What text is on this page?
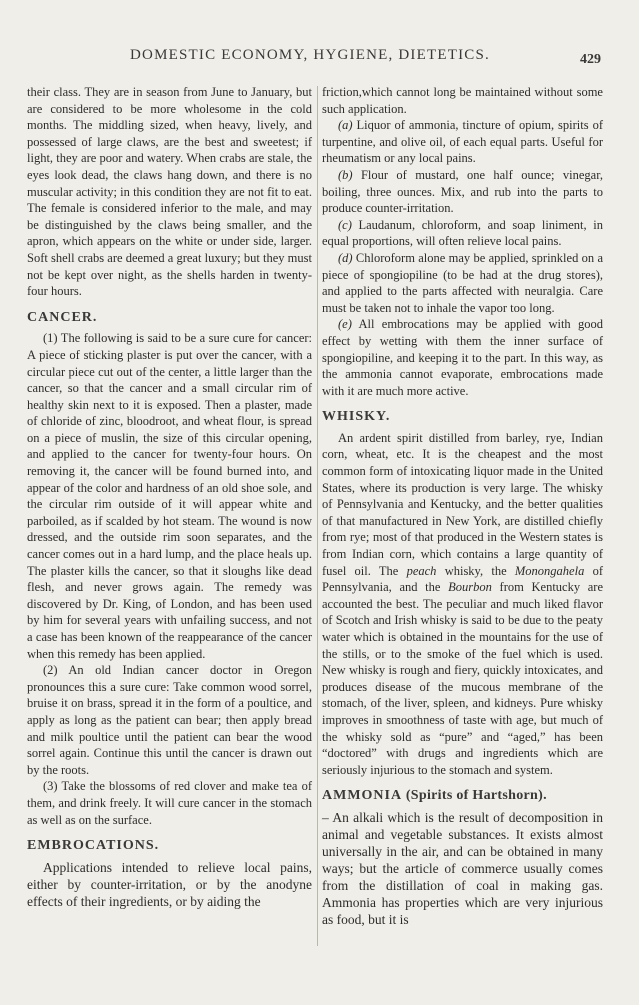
DOMESTIC ECONOMY, HYGIENE, DIETETICS.	429

their class. They are in season from June to January, but are considered to be more wholesome in the cold months. The middling sized, when heavy, lively, and possessed of large claws, are the best and sweetest; if light, they are poor and watery. When crabs are stale, the eyes look dead, the claws hang down, and there is no muscular activity; in this condition they are not fit to eat. The female is considered inferior to the male, and may be distinguished by the claws being smaller, and the apron, which appears on the white or under side, larger. Soft shell crabs are deemed a great luxury; but they must not be kept over night, as the shells harden in twenty-four hours.

CANCER.

(1) The following is said to be a sure cure for cancer: A piece of sticking plaster is put over the cancer, with a circular piece cut out of the center, a little larger than the cancer, so that the cancer and a small circular rim of healthy skin next to it is exposed. Then a plaster, made of chloride of zinc, bloodroot, and wheat flour, is spread on a piece of muslin, the size of this circular opening, and applied to the cancer for twenty-four hours. On removing it, the cancer will be found burned into, and appear of the color and hardness of an old shoe sole, and the circular rim outside of it will appear white and parboiled, as if scalded by hot steam. The wound is now dressed, and the outside rim soon separates, and the cancer comes out in a hard lump, and the place heals up. The plaster kills the cancer, so that it sloughs like dead flesh, and never grows again. The remedy was discovered by Dr. King, of London, and has been used by him for several years with unfailing success, and not a case has been known of the reappearance of the cancer when this remedy has been applied.

(2) An old Indian cancer doctor in Oregon pronounces this a sure cure: Take common wood sorrel, bruise it on brass, spread it in the form of a poultice, and apply as long as the patient can bear; then apply bread and milk poultice until the patient can bear the wood sorrel again. Continue this until the cancer is drawn out by the roots.

(3) Take the blossoms of red clover and make tea of them, and drink freely. It will cure cancer in the stomach as well as on the surface.

EMBROCATIONS.

Applications intended to relieve local pains, either by counter-irritation, or by the anodyne effects of their ingredients, or by aiding the

friction,which cannot long be maintained without some such application.

(a) Liquor of ammonia, tincture of opium, spirits of turpentine, and olive oil, of each equal parts. Useful for rheumatism or any local pains.

(b) Flour of mustard, one half ounce; vinegar, boiling, three ounces. Mix, and rub into the parts to produce counter-irritation.

(c) Laudanum, chloroform, and soap liniment, in equal proportions, will often relieve local pains.

(d) Chloroform alone may be applied, sprinkled on a piece of spongiopiline (to be had at the drug stores), and applied to the parts affected with neuralgia. Care must be taken not to inhale the vapor too long.

(e) All embrocations may be applied with good effect by wetting with them the inner surface of spongiopiline, and keeping it to the part. In this way, as the ammonia cannot evaporate, embrocations made with it are much more active.

WHISKY.

An ardent spirit distilled from barley, rye, Indian corn, wheat, etc. It is the cheapest and the most common form of intoxicating liquor made in the United States, where its production is very large. The whisky of Pennsylvania and Kentucky, and the better qualities of that manufactured in New York, are distilled chiefly from rye; most of that produced in the Western states is from Indian corn, which contains a large quantity of fusel oil. The peach whisky, the Monongahela of Pennsylvania, and the Bourbon from Kentucky are accounted the best. The peculiar and much liked flavor of Scotch and Irish whisky is said to be due to the peaty water which is obtained in the mountains for the use of the stills, or to the smoke of the fuel which is used. New whisky is rough and fiery, quickly intoxicates, and produces disease of the mucous membrane of the stomach, of the liver, spleen, and kidneys. Pure whisky improves in smoothness of taste with age, but much of the whisky sold as “pure” and “aged,” has been “doctored” with drugs and ingredients which are seriously injurious to the stomach and system.

AMMONIA (Spirits of Hartshorn).

– An alkali which is the result of decomposition in animal and vegetable substances. It exists almost universally in the air, and can be obtained in many ways; but the article of commerce usually comes from the distillation of coal in making gas. Ammonia has properties which are very injurious as food, but it is
